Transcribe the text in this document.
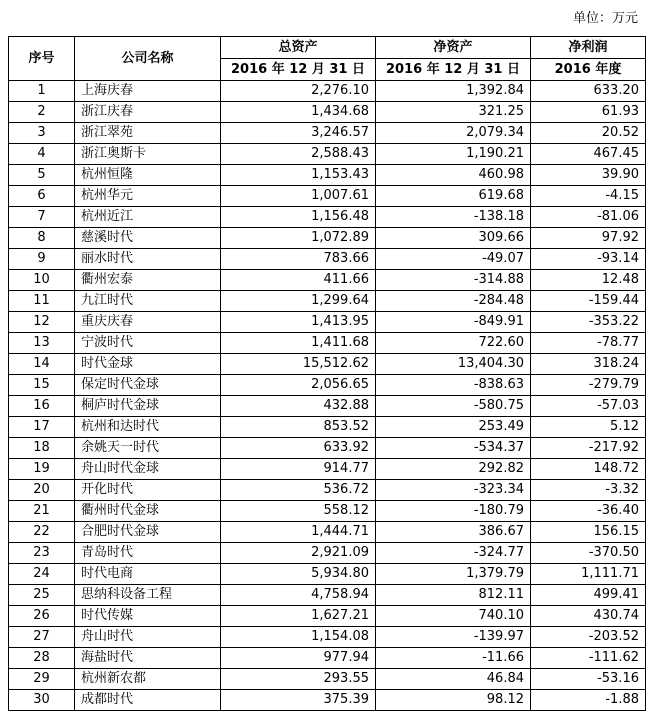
单位：万元
序号	公司名称	总资产	净资产	净利润
		2016 年 12 月 31 日	2016 年 12 月 31 日	2016 年度
1	上海庆春	2,276.10	1,392.84	633.20
2	浙江庆春	1,434.68	321.25	61.93
3	浙江翠苑	3,246.57	2,079.34	20.52
4	浙江奥斯卡	2,588.43	1,190.21	467.45
5	杭州恒隆	1,153.43	460.98	39.90
6	杭州华元	1,007.61	619.68	-4.15
7	杭州近江	1,156.48	-138.18	-81.06
8	慈溪时代	1,072.89	309.66	97.92
9	丽水时代	783.66	-49.07	-93.14
10	衢州宏泰	411.66	-314.88	12.48
11	九江时代	1,299.64	-284.48	-159.44
12	重庆庆春	1,413.95	-849.91	-353.22
13	宁波时代	1,411.68	722.60	-78.77
14	时代金球	15,512.62	13,404.30	318.24
15	保定时代金球	2,056.65	-838.63	-279.79
16	桐庐时代金球	432.88	-580.75	-57.03
17	杭州和达时代	853.52	253.49	5.12
18	余姚天一时代	633.92	-534.37	-217.92
19	舟山时代金球	914.77	292.82	148.72
20	开化时代	536.72	-323.34	-3.32
21	衢州时代金球	558.12	-180.79	-36.40
22	合肥时代金球	1,444.71	386.67	156.15
23	青岛时代	2,921.09	-324.77	-370.50
24	时代电商	5,934.80	1,379.79	1,111.71
25	思纳科设备工程	4,758.94	812.11	499.41
26	时代传媒	1,627.21	740.10	430.74
27	舟山时代	1,154.08	-139.97	-203.52
28	海盐时代	977.94	-11.66	-111.62
29	杭州新农都	293.55	46.84	-53.16
30	成都时代	375.39	98.12	-1.88
